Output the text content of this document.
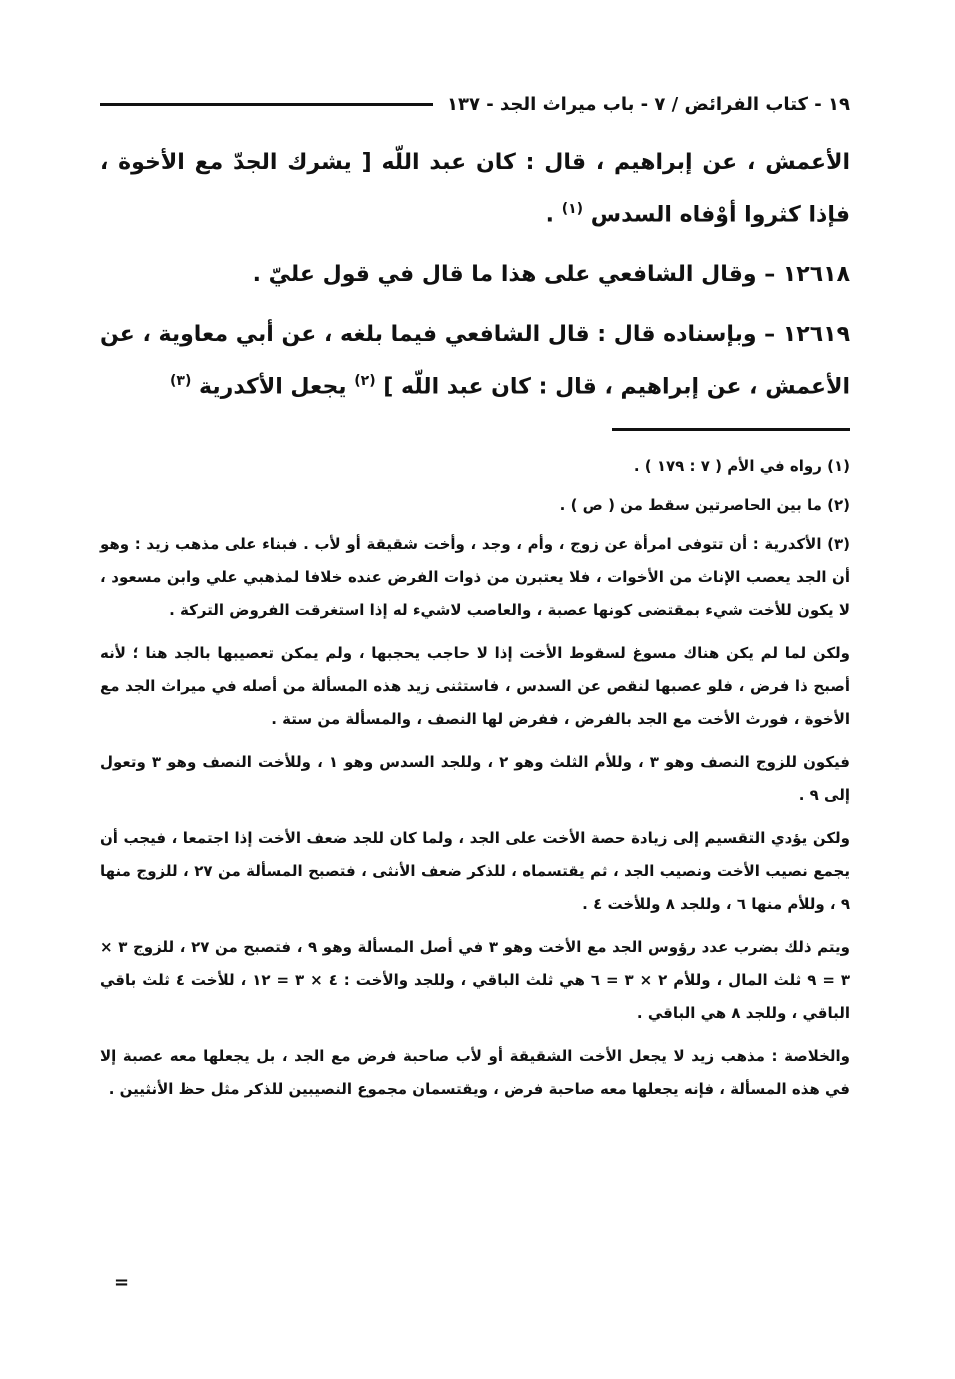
١٩ - كتاب الفرائض / ٧ - باب ميراث الجد - ١٣٧

الأعمش ، عن إبراهيم ، قال : كان عبد اللّه [ يشرك الجدّ مع الأخوة ، فإذا كثروا أوْفاه السدس $^{(١)}$ .

١٢٦١٨ – وقال الشافعي على هذا ما قال في قول عليّ .

١٢٦١٩ – وبإسناده قال : قال الشافعي فيما بلغه ، عن أبي معاوية ، عن الأعمش ، عن إبراهيم ، قال : كان عبد اللّه ] $^{(٢)}$ يجعل الأكدرية $^{(٣)}$

(١) رواه في الأم ( ٧ : ١٧٩ ) .

(٢) ما بين الحاصرتين سقط من ( ص ) .

(٣) الأكدرية : أن تتوفى امرأة عن زوج ، وأم ، وجد ، وأخت شقيقة أو لأب . فبناء على مذهب زيد : وهو أن الجد يعصب الإناث من الأخوات ، فلا يعتبرن من ذوات الفرض عنده خلافا لمذهبي علي وابن مسعود ، لا يكون للأخت شيء بمقتضى كونها عصبة ، والعاصب لاشيء له إذا استغرقت الفروض التركة .

ولكن لما لم يكن هناك مسوغ لسقوط الأخت إذا لا حاجب يحجبها ، ولم يمكن تعصيبها بالجد هنا ؛ لأنه أصبح ذا فرض ، فلو عصبها لنقص عن السدس ، فاستثنى زيد هذه المسألة من أصله في ميراث الجد مع الأخوة ، فورث الأخت مع الجد بالفرض ، ففرض لها النصف ، والمسألة من ستة .

فيكون للزوج النصف وهو ٣ ، وللأم الثلث وهو ٢ ، وللجد السدس وهو ١ ، وللأخت النصف وهو ٣ وتعول إلى ٩ .

ولكن يؤدي التقسيم إلى زيادة حصة الأخت على الجد ، ولما كان للجد ضعف الأخت إذا اجتمعا ، فيجب أن يجمع نصيب الأخت ونصيب الجد ، ثم يقتسماه ، للذكر ضعف الأنثى ، فتصبح المسألة من ٢٧ ، للزوج منها ٩ ، وللأم منها ٦ ، وللجد ٨ وللأخت ٤ .

ويتم ذلك بضرب عدد رؤوس الجد مع الأخت وهو ٣ في أصل المسألة وهو ٩ ، فتصبح من ٢٧ ، للزوج ٣ × ٣ = ٩ ثلث المال ، وللأم ٢ × ٣ = ٦ هي ثلث الباقي ، وللجد والأخت : ٤ × ٣ = ١٢ ، للأخت ٤ ثلث باقي الباقي ، وللجد ٨ هي الباقي .

والخلاصة : مذهب زيد لا يجعل الأخت الشقيقة أو لأب صاحبة فرض مع الجد ، بل يجعلها معه عصبة إلا في هذه المسألة ، فإنه يجعلها معه صاحبة فرض ، ويقتسمان مجموع النصيبين للذكر مثل حظ الأنثيين .

=
